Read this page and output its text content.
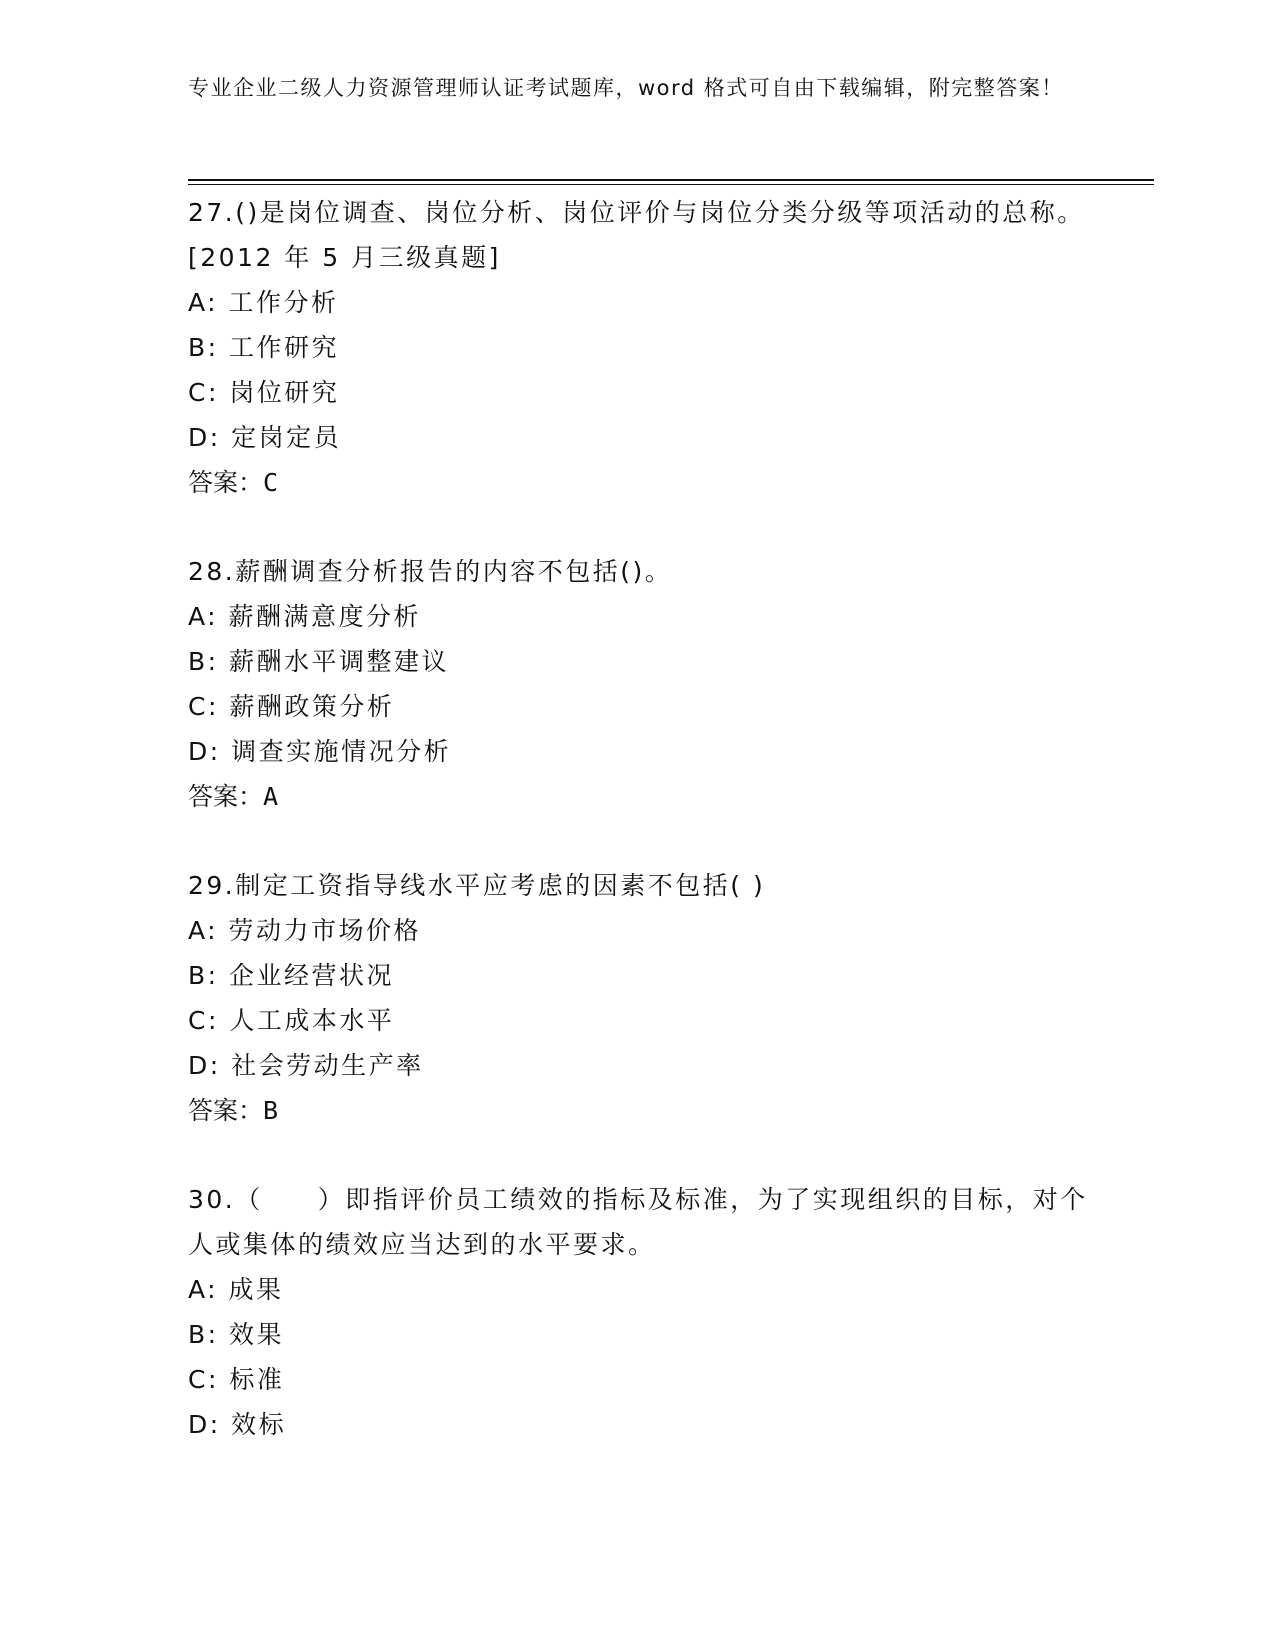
专业企业二级人力资源管理师认证考试题库，word 格式可自由下载编辑，附完整答案！

27.()是岗位调查、岗位分析、岗位评价与岗位分类分级等项活动的总称。[2012 年 5 月三级真题]

A: 工作分析

B: 工作研究

C: 岗位研究

D: 定岗定员

答案：C

28.薪酬调查分析报告的内容不包括()。

A: 薪酬满意度分析

B: 薪酬水平调整建议

C: 薪酬政策分析

D: 调查实施情况分析

答案：A

29.制定工资指导线水平应考虑的因素不包括( )

A: 劳动力市场价格

B: 企业经营状况

C: 人工成本水平

D: 社会劳动生产率

答案：B

30.（　　）即指评价员工绩效的指标及标准，为了实现组织的目标，对个人或集体的绩效应当达到的水平要求。

A: 成果

B: 效果

C: 标准

D: 效标
